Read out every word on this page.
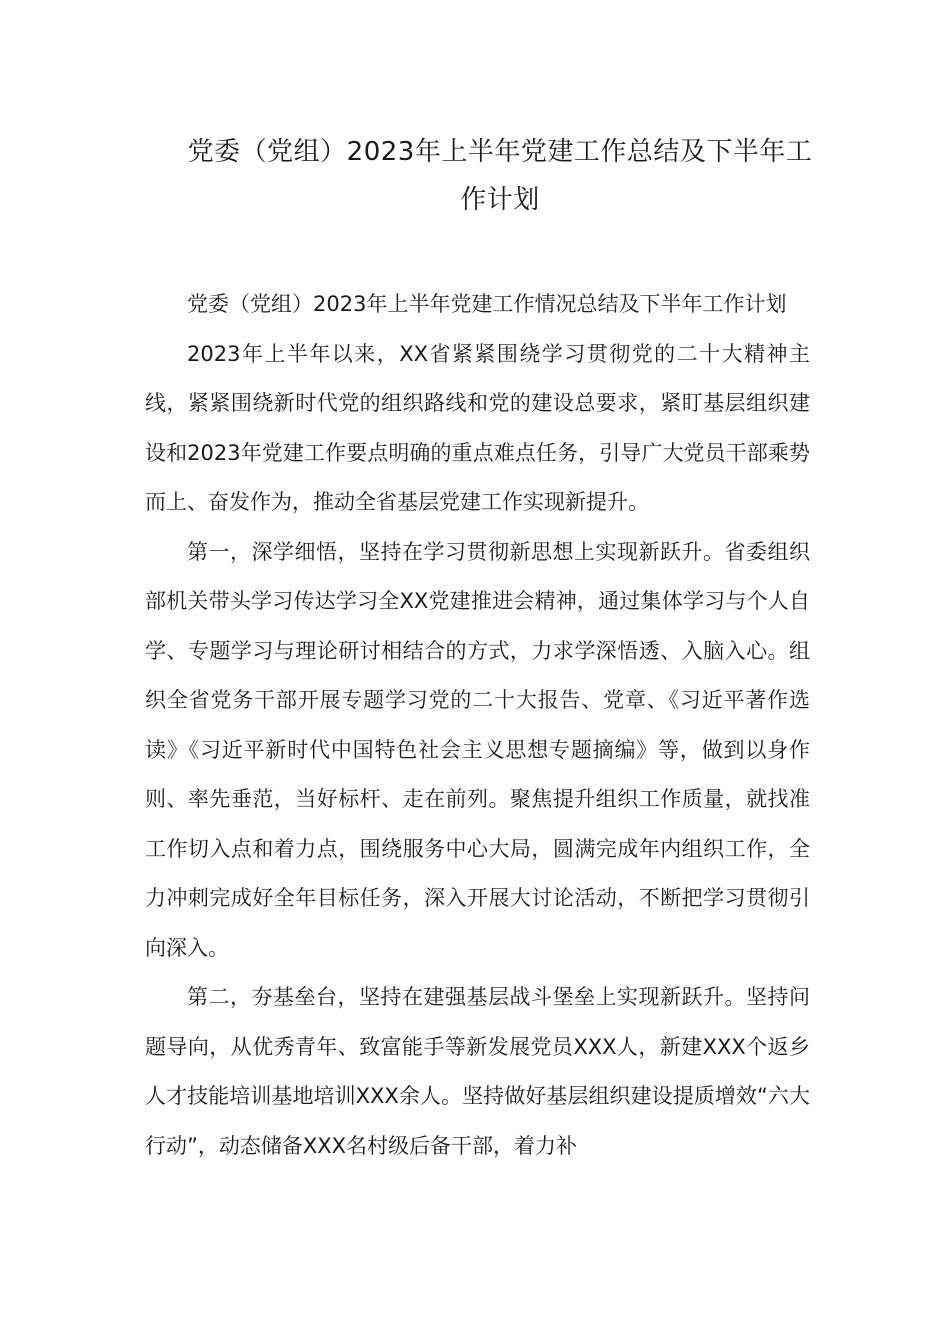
党委（党组）2023年上半年党建工作总结及下半年工作计划

党委（党组）2023年上半年党建工作情况总结及下半年工作计划

2023年上半年以来，XX省紧紧围绕学习贯彻党的二十大精神主线，紧紧围绕新时代党的组织路线和党的建设总要求，紧盯基层组织建设和2023年党建工作要点明确的重点难点任务，引导广大党员干部乘势而上、奋发作为，推动全省基层党建工作实现新提升。

第一，深学细悟，坚持在学习贯彻新思想上实现新跃升。省委组织部机关带头学习传达学习全XX党建推进会精神，通过集体学习与个人自学、专题学习与理论研讨相结合的方式，力求学深悟透、入脑入心。组织全省党务干部开展专题学习党的二十大报告、党章、《习近平著作选读》《习近平新时代中国特色社会主义思想专题摘编》等，做到以身作则、率先垂范，当好标杆、走在前列。聚焦提升组织工作质量，就找准工作切入点和着力点，围绕服务中心大局，圆满完成年内组织工作，全力冲刺完成好全年目标任务，深入开展大讨论活动，不断把学习贯彻引向深入。

第二，夯基垒台，坚持在建强基层战斗堡垒上实现新跃升。坚持问题导向，从优秀青年、致富能手等新发展党员XXX人，新建XXX个返乡人才技能培训基地培训XXX余人。坚持做好基层组织建设提质增效“六大行动”，动态储备XXX名村级后备干部，着力补
